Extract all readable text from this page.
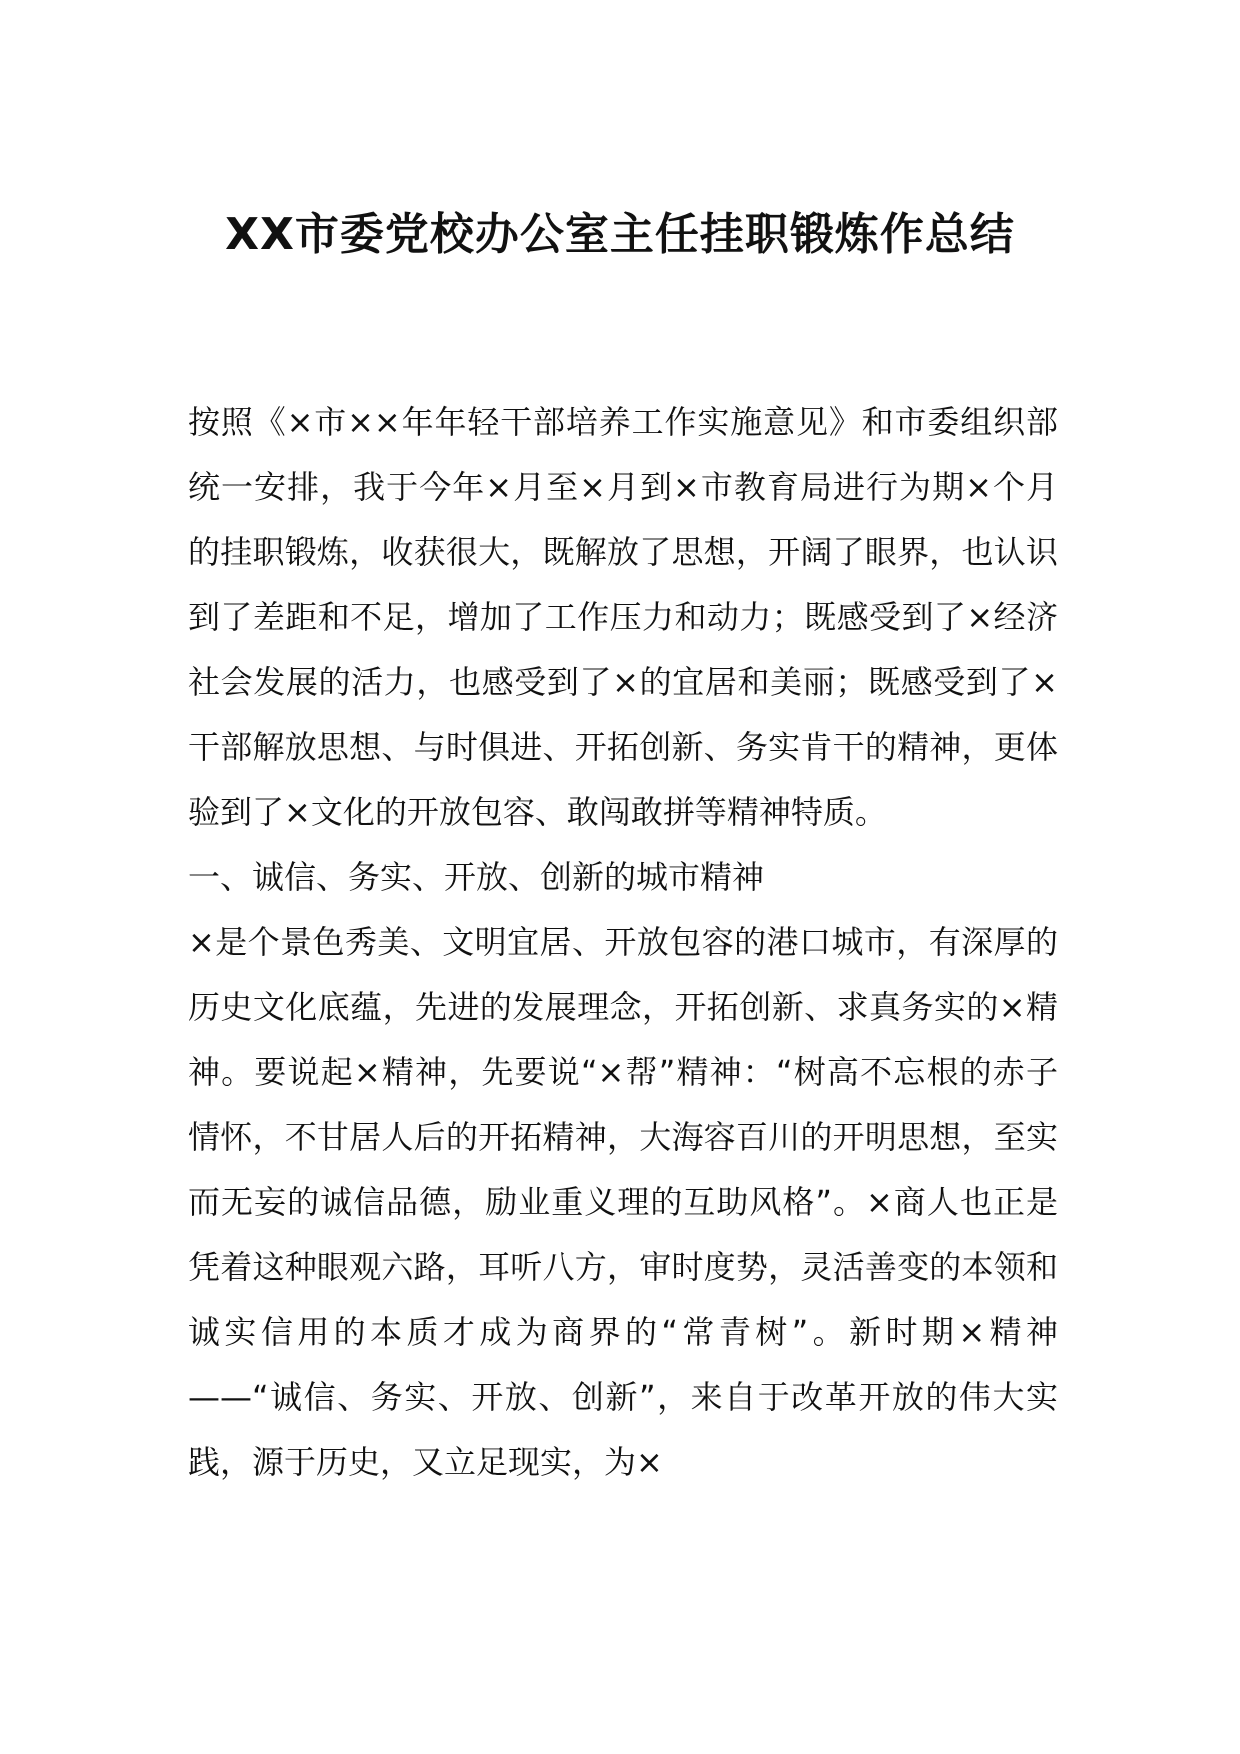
XX市委党校办公室主任挂职锻炼作总结

按照《×市××年年轻干部培养工作实施意见》和市委组织部统一安排，我于今年×月至×月到×市教育局进行为期×个月的挂职锻炼，收获很大，既解放了思想，开阔了眼界，也认识到了差距和不足，增加了工作压力和动力；既感受到了×经济社会发展的活力，也感受到了×的宜居和美丽；既感受到了×干部解放思想、与时俱进、开拓创新、务实肯干的精神，更体验到了×文化的开放包容、敢闯敢拼等精神特质。

一、诚信、务实、开放、创新的城市精神

×是个景色秀美、文明宜居、开放包容的港口城市，有深厚的历史文化底蕴，先进的发展理念，开拓创新、求真务实的×精神。要说起×精神，先要说“×帮”精神：“树高不忘根的赤子情怀，不甘居人后的开拓精神，大海容百川的开明思想，至实而无妄的诚信品德，励业重义理的互助风格”。×商人也正是凭着这种眼观六路，耳听八方，审时度势，灵活善变的本领和诚实信用的本质才成为商界的“常青树”。新时期×精神——“诚信、务实、开放、创新”，来自于改革开放的伟大实践，源于历史，又立足现实，为×
